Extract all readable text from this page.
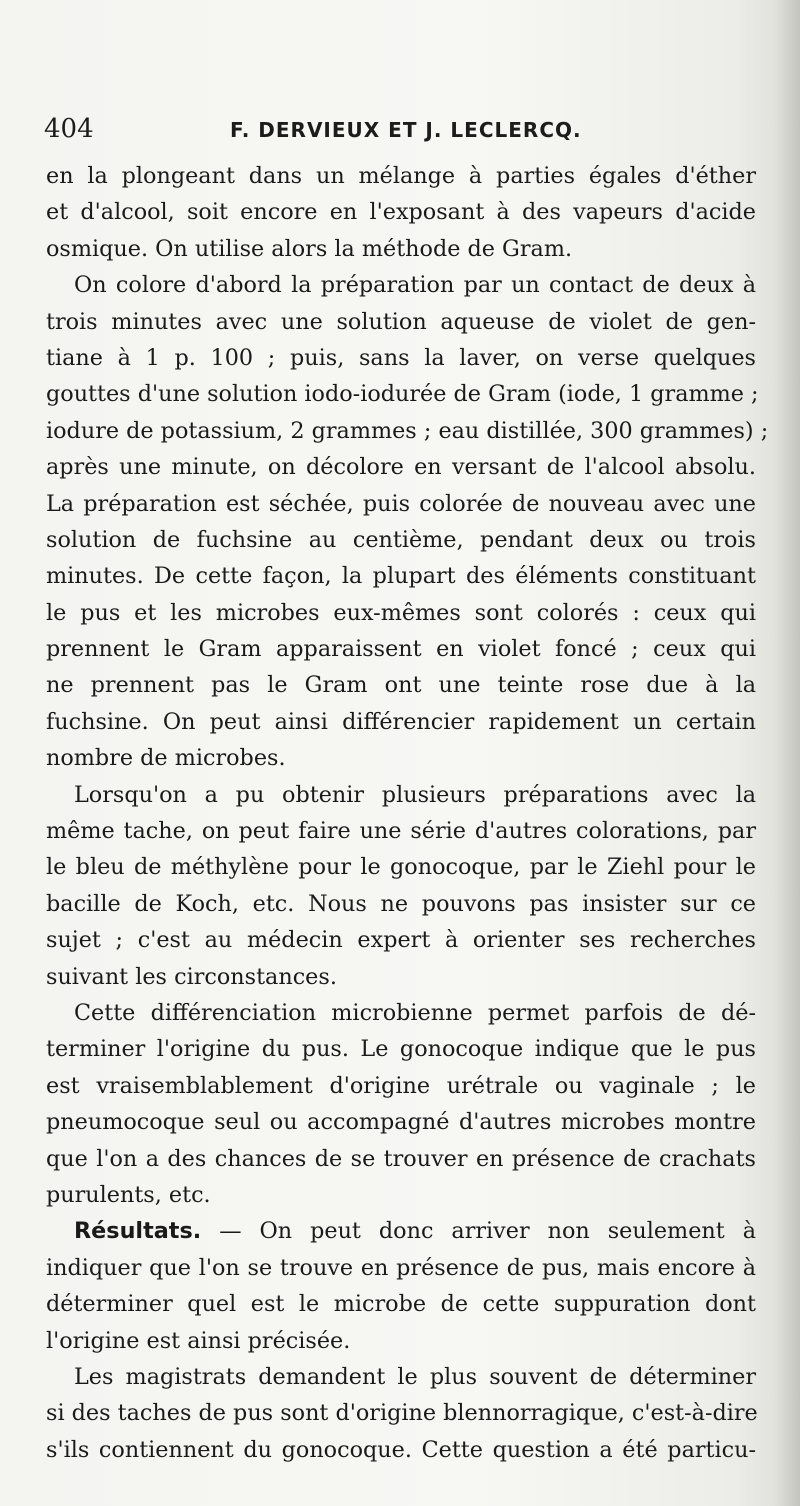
404	F. DERVIEUX ET J. LECLERCQ.
en la plongeant dans un mélange à parties égales d'éther
et d'alcool, soit encore en l'exposant à des vapeurs d'acide
osmique. On utilise alors la méthode de Gram.
On colore d'abord la préparation par un contact de deux à
trois minutes avec une solution aqueuse de violet de gen-
tiane à 1 p. 100 ; puis, sans la laver, on verse quelques
gouttes d'une solution iodo-iodurée de Gram (iode, 1 gramme ;
iodure de potassium, 2 grammes ; eau distillée, 300 grammes) ;
après une minute, on décolore en versant de l'alcool absolu.
La préparation est séchée, puis colorée de nouveau avec une
solution de fuchsine au centième, pendant deux ou trois
minutes. De cette façon, la plupart des éléments constituant
le pus et les microbes eux-mêmes sont colorés : ceux qui
prennent le Gram apparaissent en violet foncé ; ceux qui
ne prennent pas le Gram ont une teinte rose due à la
fuchsine. On peut ainsi différencier rapidement un certain
nombre de microbes.
Lorsqu'on a pu obtenir plusieurs préparations avec la
même tache, on peut faire une série d'autres colorations, par
le bleu de méthylène pour le gonocoque, par le Ziehl pour le
bacille de Koch, etc. Nous ne pouvons pas insister sur ce
sujet ; c'est au médecin expert à orienter ses recherches
suivant les circonstances.
Cette différenciation microbienne permet parfois de dé-
terminer l'origine du pus. Le gonocoque indique que le pus
est vraisemblablement d'origine urétrale ou vaginale ; le
pneumocoque seul ou accompagné d'autres microbes montre
que l'on a des chances de se trouver en présence de crachats
purulents, etc.
Résultats. — On peut donc arriver non seulement à
indiquer que l'on se trouve en présence de pus, mais encore à
déterminer quel est le microbe de cette suppuration dont
l'origine est ainsi précisée.
Les magistrats demandent le plus souvent de déterminer
si des taches de pus sont d'origine blennorragique, c'est-à-dire
s'ils contiennent du gonocoque. Cette question a été particu-
